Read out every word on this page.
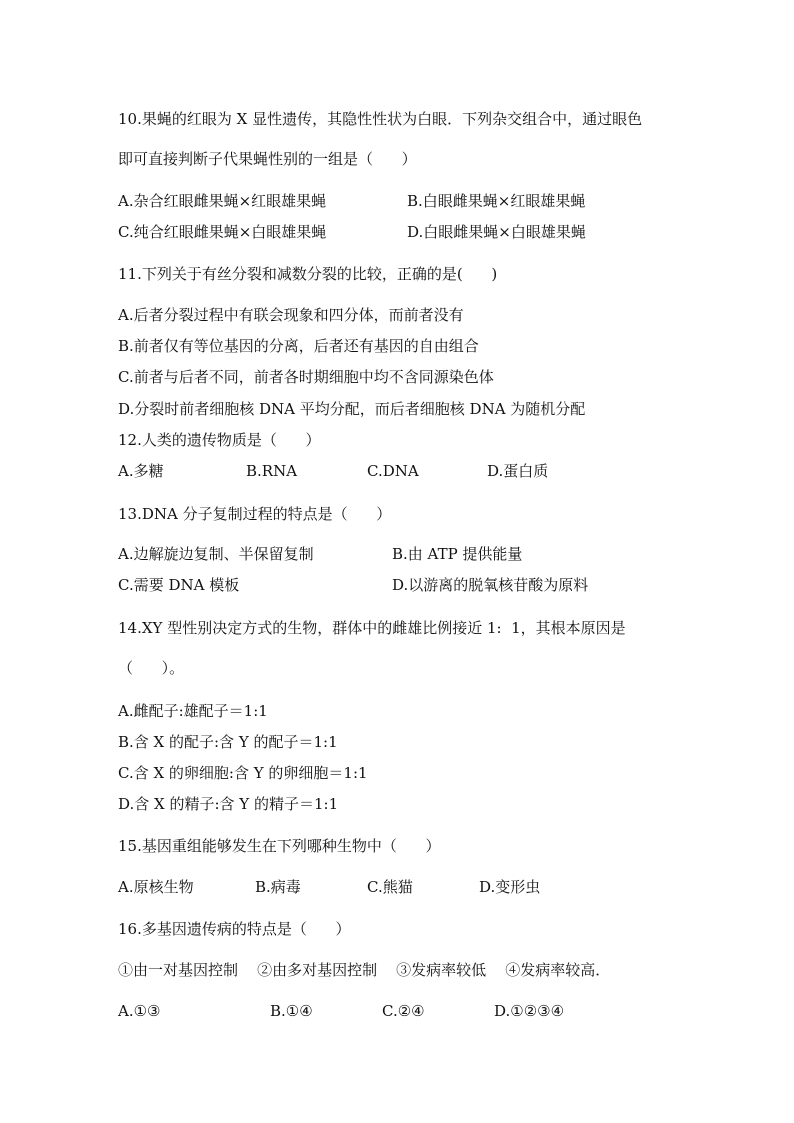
10.果蝇的红眼为 X 显性遗传，其隐性性状为白眼．下列杂交组合中，通过眼色
即可直接判断子代果蝇性别的一组是（      ）
A.杂合红眼雌果蝇×红眼雄果蝇	B.白眼雌果蝇×红眼雄果蝇
C.纯合红眼雌果蝇×白眼雄果蝇	D.白眼雌果蝇×白眼雄果蝇
11.下列关于有丝分裂和减数分裂的比较，正确的是(      )
A.后者分裂过程中有联会现象和四分体，而前者没有
B.前者仅有等位基因的分离，后者还有基因的自由组合
C.前者与后者不同，前者各时期细胞中均不含同源染色体
D.分裂时前者细胞核 DNA 平均分配，而后者细胞核 DNA 为随机分配
12.人类的遗传物质是（      ）
A.多糖	B.RNA	C.DNA	D.蛋白质
13.DNA 分子复制过程的特点是（      ）
A.边解旋边复制、半保留复制	B.由 ATP 提供能量
C.需要 DNA 模板	D.以游离的脱氧核苷酸为原料
14.XY 型性别决定方式的生物，群体中的雌雄比例接近 1:  1，其根本原因是
（      ）。
A.雌配子:雄配子＝1:1
B.含 X 的配子:含 Y 的配子＝1:1
C.含 X 的卵细胞:含 Y 的卵细胞＝1:1
D.含 X 的精子:含 Y 的精子＝1:1
15.基因重组能够发生在下列哪种生物中（      ）
A.原核生物	B.病毒	C.熊猫	D.变形虫
16.多基因遗传病的特点是（      ）
①由一对基因控制    ②由多对基因控制    ③发病率较低    ④发病率较高．
A.①③	B.①④	C.②④	D.①②③④
